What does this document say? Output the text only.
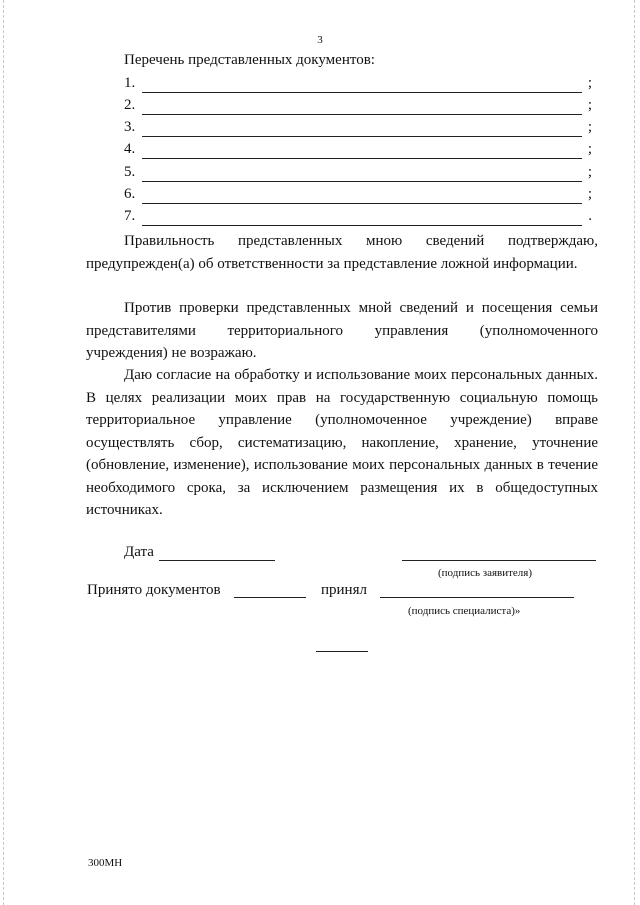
3
Перечень представленных документов:
1.	;
2.	;
3.	;
4.	;
5.	;
6.	;
7.	.

Правильность представленных мною сведений подтверждаю, предупрежден(а) об ответственности за представление ложной информации.

Против проверки представленных мной сведений и посещения семьи представителями территориального управления (уполномоченного учреждения) не возражаю.

Даю согласие на обработку и использование моих персональных данных. В целях реализации моих прав на государственную социальную помощь территориальное управление (уполномоченное учреждение) вправе осуществлять сбор, систематизацию, накопление, хранение, уточнение (обновление, изменение), использование моих персональных данных в течение необходимого срока, за исключением размещения их в общедоступных источниках.

Дата
(подпись заявителя)
Принято документов	принял
(подпись специалиста)»
300МН
